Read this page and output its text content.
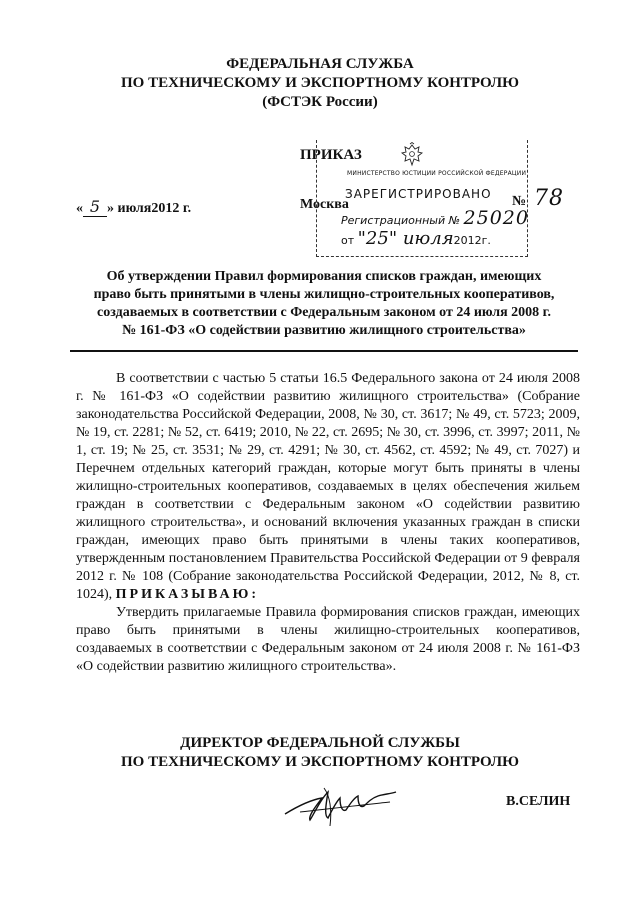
ФЕДЕРАЛЬНАЯ СЛУЖБА
ПО ТЕХНИЧЕСКОМУ И ЭКСПОРТНОМУ КОНТРОЛЮ
(ФСТЭК России)
ПРИКАЗ
« 5 » июля2012 г.	Москва	№ 78
МИНИСТЕРСТВО ЮСТИЦИИ РОССИЙСКОЙ ФЕДЕРАЦИИ
ЗАРЕГИСТРИРОВАНО
Регистрационный № 25020
от "25" июля2012г.
Об утверждении Правил формирования списков граждан, имеющих
право быть принятыми в члены жилищно-строительных кооперативов,
создаваемых в соответствии с Федеральным законом от 24 июля 2008 г.
№ 161-ФЗ «О содействии развитию жилищного строительства»

В соответствии с частью 5 статьи 16.5 Федерального закона от 24 июля 2008 г. № 161-ФЗ «О содействии развитию жилищного строительства» (Собрание законодательства Российской Федерации, 2008, № 30, ст. 3617; № 49, ст. 5723; 2009, № 19, ст. 2281; № 52, ст. 6419; 2010, № 22, ст. 2695; № 30, ст. 3996, ст. 3997; 2011, № 1, ст. 19; № 25, ст. 3531; № 29, ст. 4291; № 30, ст. 4562, ст. 4592; № 49, ст. 7027) и Перечнем отдельных категорий граждан, которые могут быть приняты в члены жилищно-строительных кооперативов, создаваемых в целях обеспечения жильем граждан в соответствии с Федеральным законом «О содействии развитию жилищного строительства», и оснований включения указанных граждан в списки граждан, имеющих право быть принятыми в члены таких кооперативов, утвержденным постановлением Правительства Российской Федерации от 9 февраля 2012 г. № 108 (Собрание законодательства Российской Федерации, 2012, № 8, ст. 1024), ПРИКАЗЫВАЮ:

Утвердить прилагаемые Правила формирования списков граждан, имеющих право быть принятыми в члены жилищно-строительных кооперативов, создаваемых в соответствии с Федеральным законом от 24 июля 2008 г. № 161-ФЗ «О содействии развитию жилищного строительства».

ДИРЕКТОР ФЕДЕРАЛЬНОЙ СЛУЖБЫ
ПО ТЕХНИЧЕСКОМУ И ЭКСПОРТНОМУ КОНТРОЛЮ
В.СЕЛИН
